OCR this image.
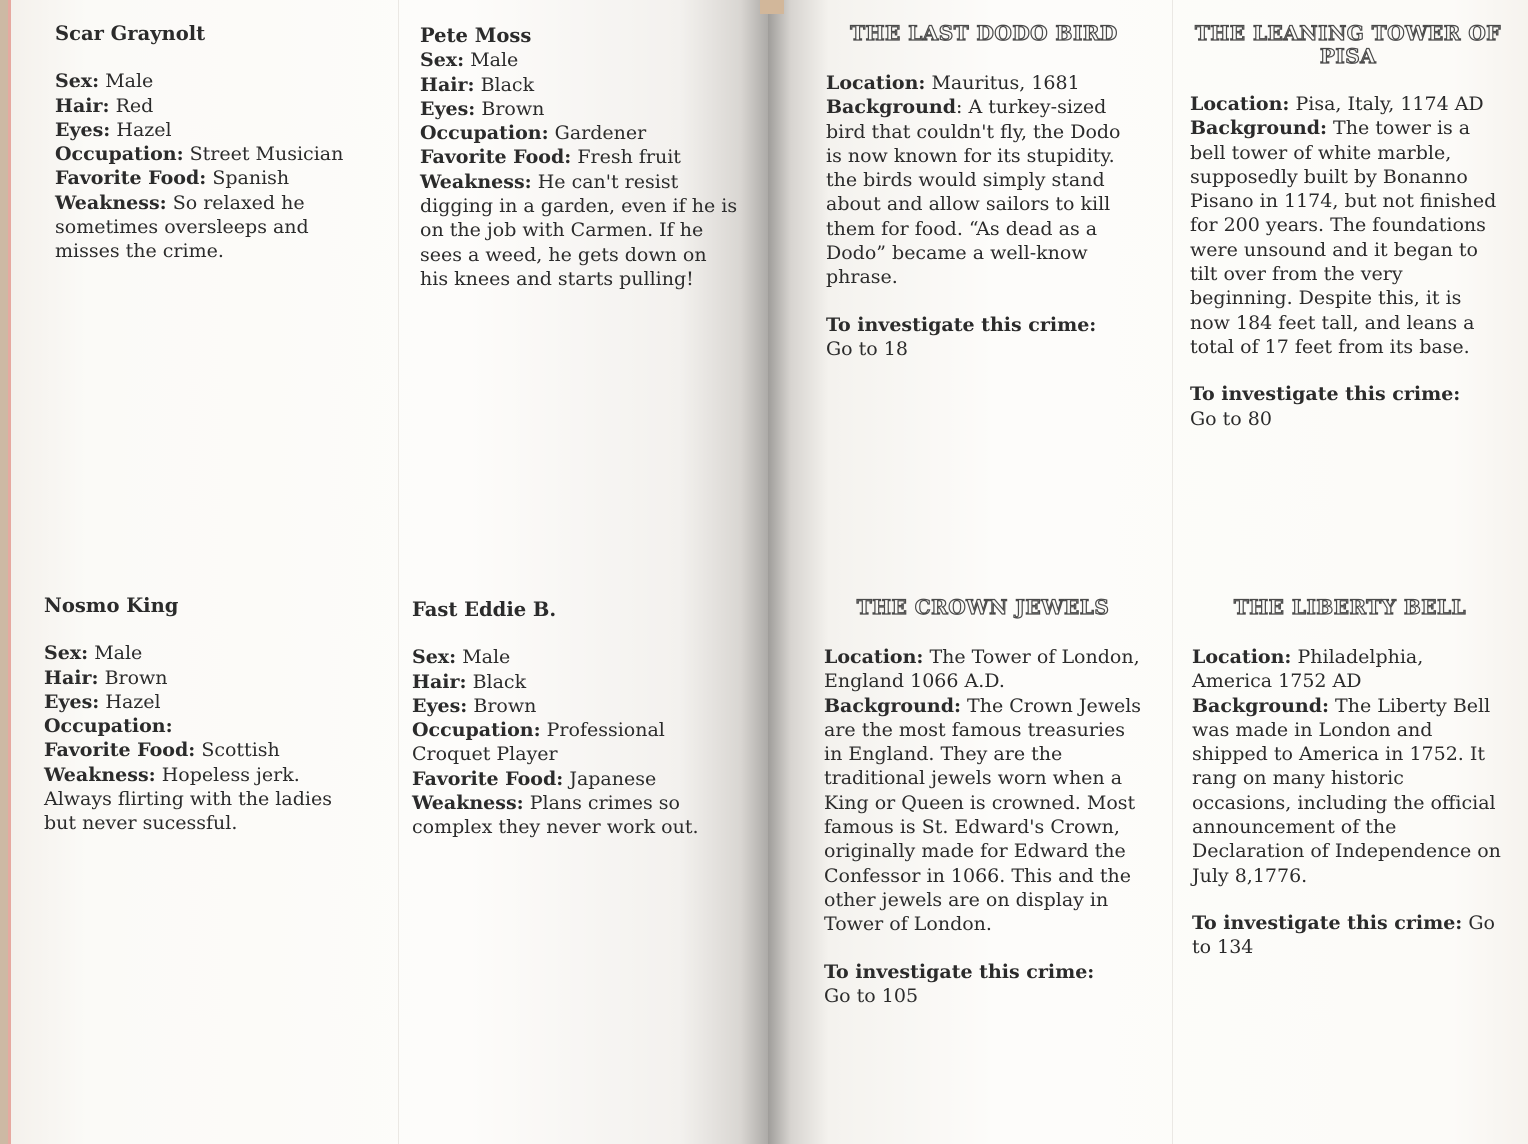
Scar Graynolt

Sex: Male

Hair: Red

Eyes: Hazel

Occupation: Street Musician

Favorite Food: Spanish

Weakness: So relaxed he sometimes oversleeps and misses the crime.

Pete Moss

Sex: Male

Hair: Black

Eyes: Brown

Occupation: Gardener

Favorite Food: Fresh fruit

Weakness: He can't resist digging in a garden, even if he is on the job with Carmen. If he sees a weed, he gets down on his knees and starts pulling!

Nosmo King

Sex: Male

Hair: Brown

Eyes: Hazel

Occupation:

Favorite Food: Scottish

Weakness: Hopeless jerk. Always flirting with the ladies but never sucessful.

Fast Eddie B.

Sex: Male

Hair: Black

Eyes: Brown

Occupation: Professional Croquet Player

Favorite Food: Japanese

Weakness: Plans crimes so complex they never work out.

THE LAST DODO BIRD

Location: Mauritus, 1681

Background: A turkey-sized bird that couldn't fly, the Dodo is now known for its stupidity. the birds would simply stand about and allow sailors to kill them for food. “As dead as a Dodo” became a well-know phrase.

To investigate this crime:

Go to 18

THE LEANING TOWER OF PISA

Location: Pisa, Italy, 1174 AD

Background: The tower is a bell tower of white marble, supposedly built by Bonanno Pisano in 1174, but not finished for 200 years. The foundations were unsound and it began to tilt over from the very beginning. Despite this, it is now 184 feet tall, and leans a total of 17 feet from its base.

To investigate this crime:

Go to 80

THE CROWN JEWELS

Location: The Tower of London, England 1066 A.D.

Background: The Crown Jewels are the most famous treasuries in England. They are the traditional jewels worn when a King or Queen is crowned. Most famous is St. Edward's Crown, originally made for Edward the Confessor in 1066. This and the other jewels are on display in Tower of London.

To investigate this crime:

Go to 105

THE LIBERTY BELL

Location: Philadelphia, America 1752 AD

Background: The Liberty Bell was made in London and shipped to America in 1752. It rang on many historic occasions, including the official announcement of the Declaration of Independence on July 8,1776.

To investigate this crime: Go to 134
